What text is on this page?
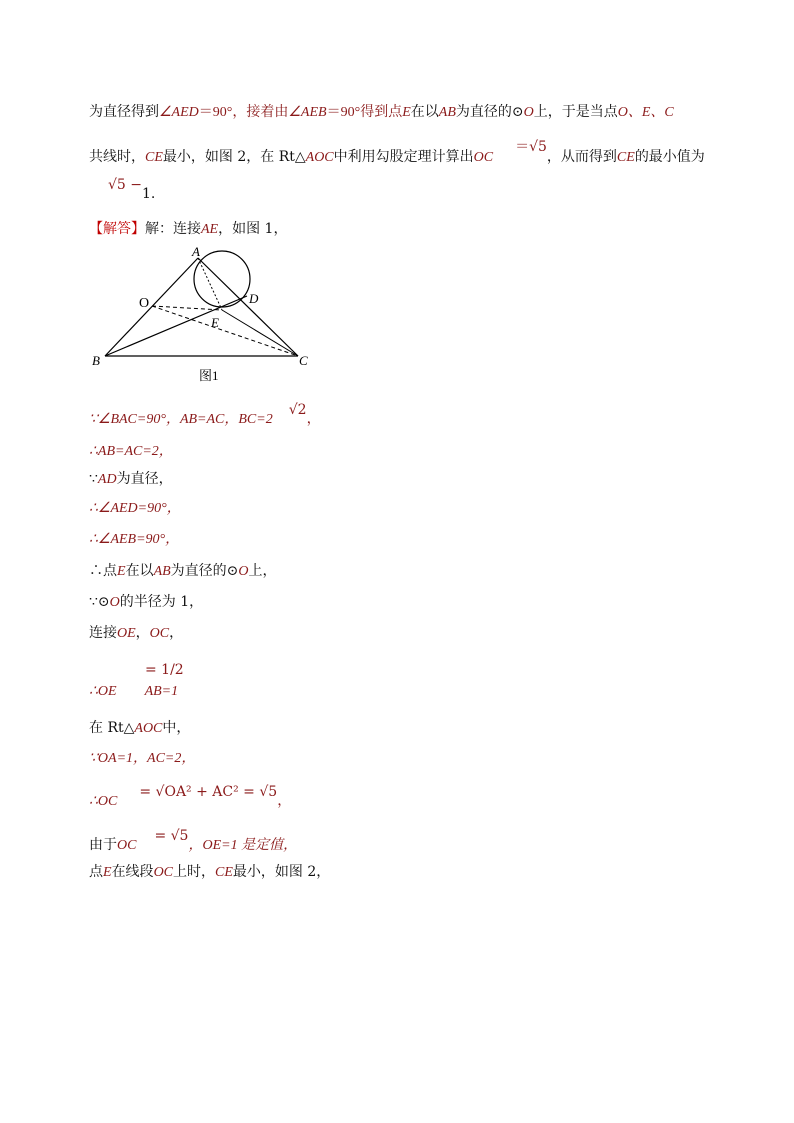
为直径得到∠AED＝90°，接着由∠AEB＝90°得到点E在以AB为直径的⊙O上，于是当点O、E、C
共线时，CE最小，如图 2，在 Rt△AOC中利用勾股定理计算出OC＝√5，从而得到CE的最小值为
√5 −1.
【解答】解：连接AE，如图 1，
A
B	C
D
E
O
图1
∵∠BAC=90°，AB=AC，BC=2√2，
∴AB=AC=2，
∵AD为直径，
∴∠AED=90°，
∴∠AEB=90°，
∴点E在以AB为直径的⊙O上，
∵⊙O的半径为 1，
连接OE，OC，
= 1/2
∴OE AB=1
在 Rt△AOC中，
∵OA=1，AC=2，
∴OC= √OA² + AC² = √5，
由于OC= √5，OE=1 是定值，
点E在线段OC上时，CE最小，如图 2，
